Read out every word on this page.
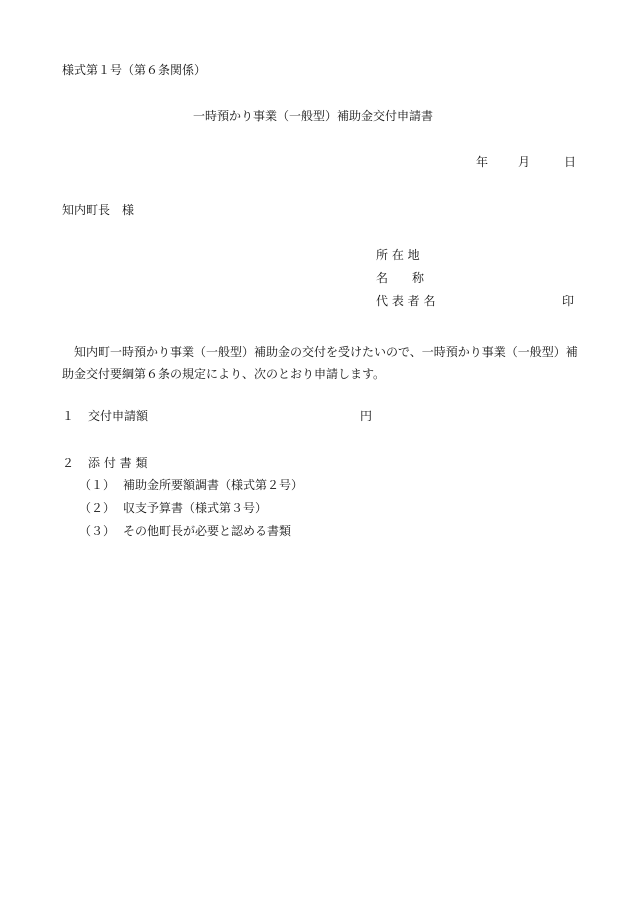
様式第１号（第６条関係）
一時預かり事業（一般型）補助金交付申請書
年 月	日
知内町長 様
所 在 地
名　　称
代 表 者 名	印
知内町一時預かり事業（一般型）補助金の交付を受けたいので、一時預かり事業（一般型）補助金交付要綱第６条の規定により、次のとおり申請します。
１ 交付申請額	円
２ 添 付 書 類
（１） 補助金所要額調書（様式第２号）
（２） 収支予算書（様式第３号）
（３） その他町長が必要と認める書類
